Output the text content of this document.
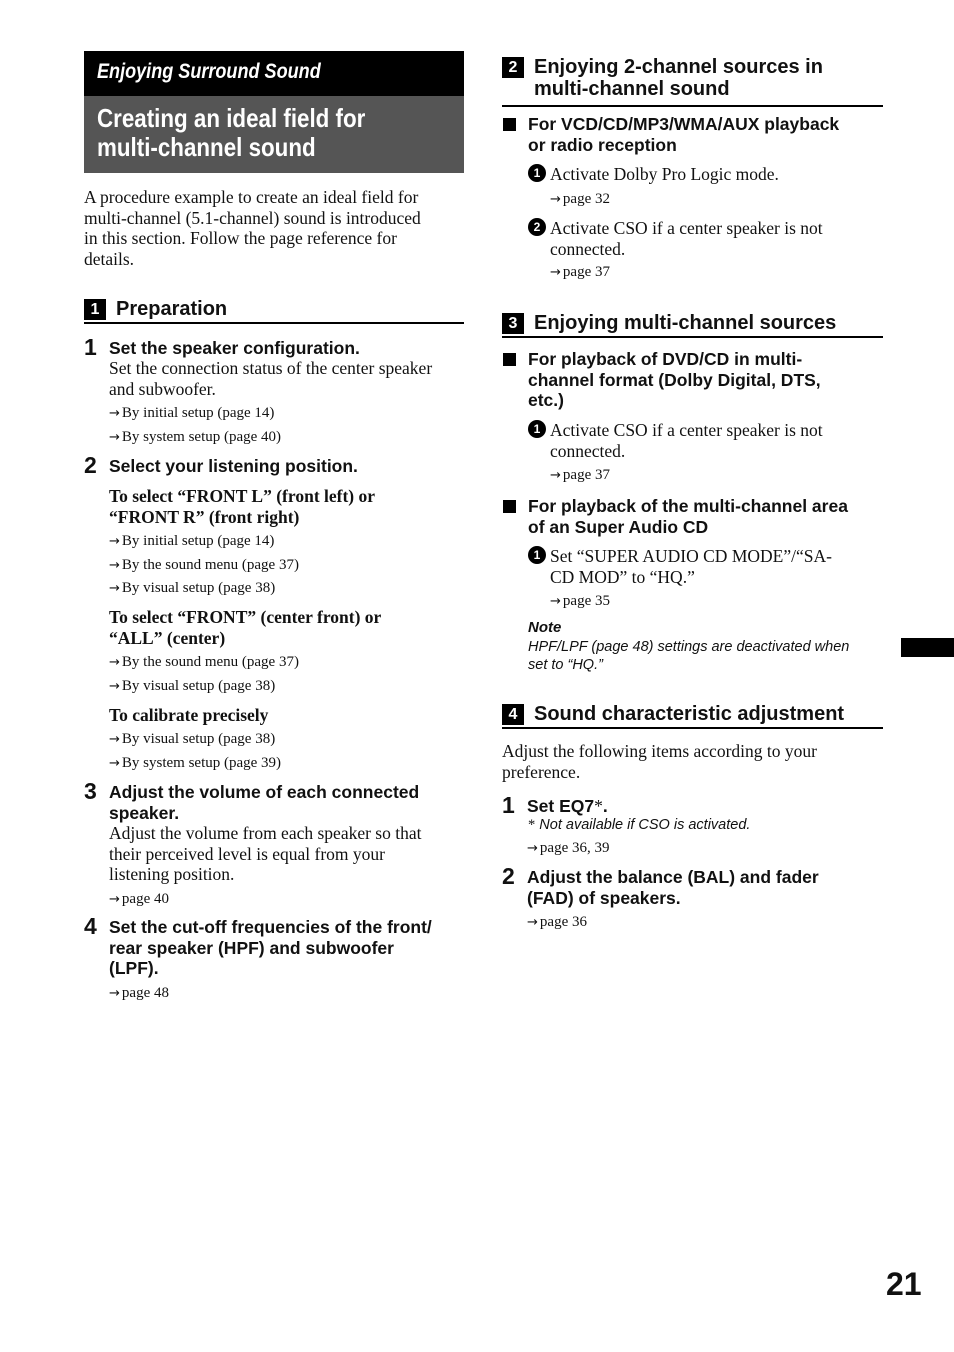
Enjoying Surround Sound
Creating an ideal field for
multi-channel sound
A procedure example to create an ideal field for
multi-channel (5.1-channel) sound is introduced
in this section. Follow the page reference for
details.
1 Preparation
1 Set the speaker configuration.
Set the connection status of the center speaker
and subwoofer.
→ By initial setup (page 14)
→ By system setup (page 40)
2 Select your listening position.
To select “FRONT L” (front left) or
“FRONT R” (front right)
→ By initial setup (page 14)
→ By the sound menu (page 37)
→ By visual setup (page 38)
To select “FRONT” (center front) or
“ALL” (center)
→ By the sound menu (page 37)
→ By visual setup (page 38)
To calibrate precisely
→ By visual setup (page 38)
→ By system setup (page 39)
3 Adjust the volume of each connected
speaker.
Adjust the volume from each speaker so that
their perceived level is equal from your
listening position.
→ page 40
4 Set the cut-off frequencies of the front/
rear speaker (HPF) and subwoofer
(LPF).
→ page 48
2 Enjoying 2-channel sources in
multi-channel sound
For VCD/CD/MP3/WMA/AUX playback
or radio reception
1 Activate Dolby Pro Logic mode.
→ page 32
2 Activate CSO if a center speaker is not
connected.
→ page 37
3 Enjoying multi-channel sources
For playback of DVD/CD in multi-
channel format (Dolby Digital, DTS,
etc.)
1 Activate CSO if a center speaker is not
connected.
→ page 37
For playback of the multi-channel area
of an Super Audio CD
1 Set “SUPER AUDIO CD MODE”/“SA-
CD MOD” to “HQ.”
→ page 35
Note
HPF/LPF (page 48) settings are deactivated when
set to “HQ.”
4 Sound characteristic adjustment
Adjust the following items according to your
preference.
1 Set EQ7*.
* Not available if CSO is activated.
→ page 36, 39
2 Adjust the balance (BAL) and fader
(FAD) of speakers.
→ page 36
21
